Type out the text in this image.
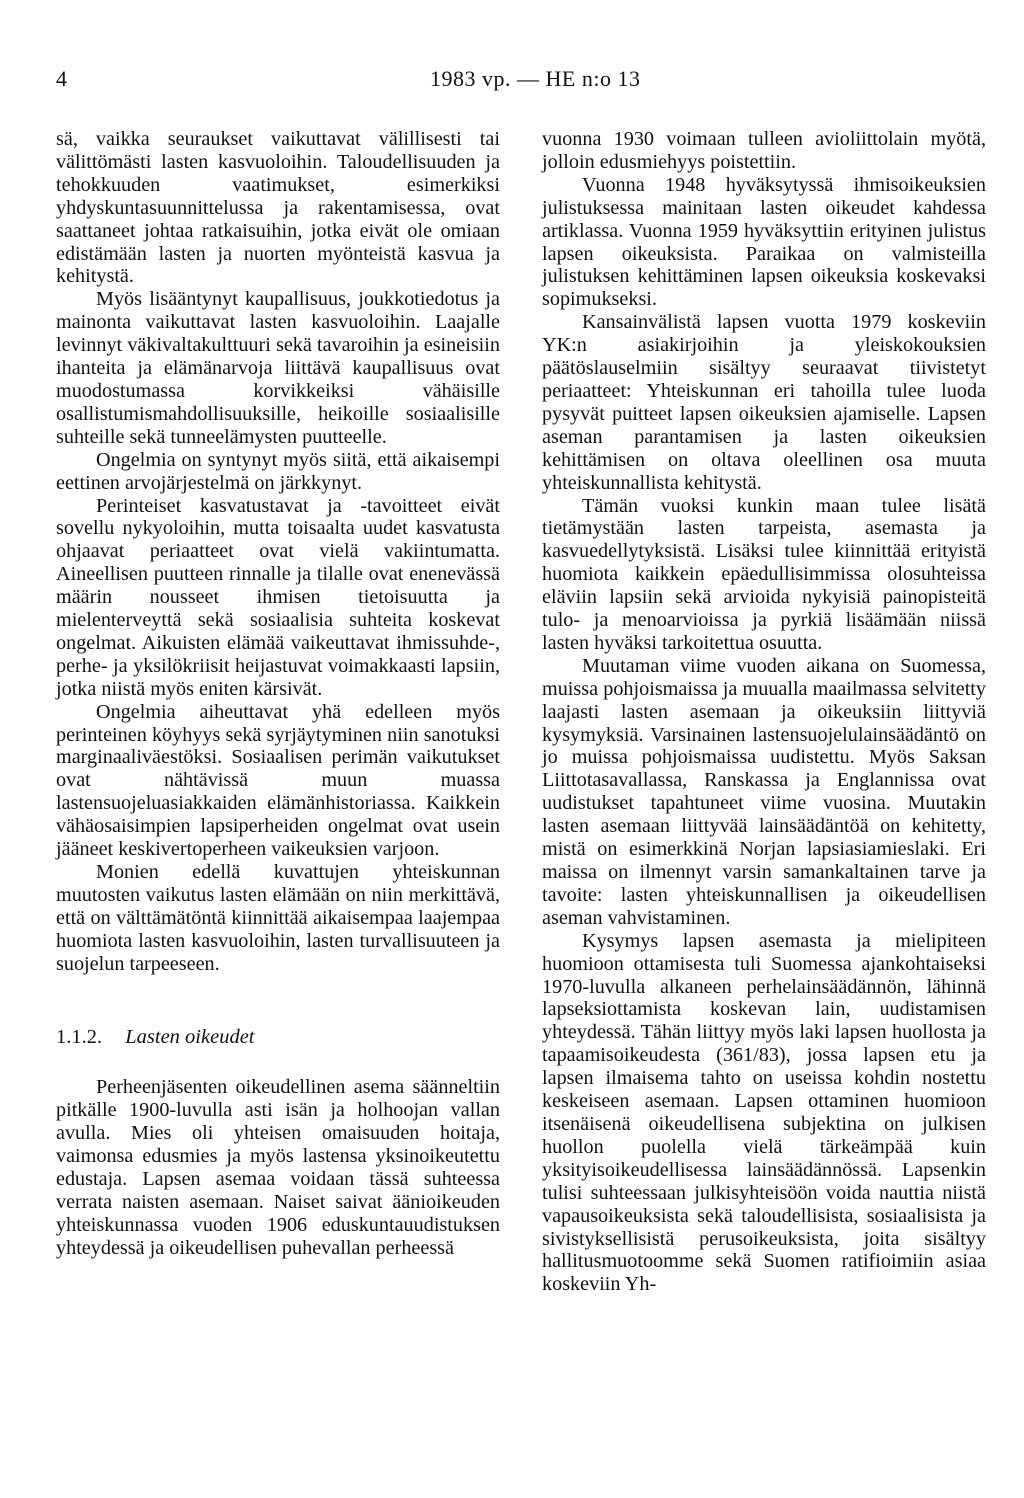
4	1983 vp. — HE n:o 13

sä, vaikka seuraukset vaikuttavat välillisesti tai välittömästi lasten kasvuoloihin. Taloudellisuuden ja tehokkuuden vaatimukset, esimerkiksi yhdyskuntasuunnittelussa ja rakentamisessa, ovat saattaneet johtaa ratkaisuihin, jotka eivät ole omiaan edistämään lasten ja nuorten myönteistä kasvua ja kehitystä.

Myös lisääntynyt kaupallisuus, joukkotiedotus ja mainonta vaikuttavat lasten kasvuoloihin. Laajalle levinnyt väkivaltakulttuuri sekä tavaroihin ja esineisiin ihanteita ja elämänarvoja liittävä kaupallisuus ovat muodostumassa korvikkeiksi vähäisille osallistumismahdollisuuksille, heikoille sosiaalisille suhteille sekä tunneelämysten puutteelle.

Ongelmia on syntynyt myös siitä, että aikaisempi eettinen arvojärjestelmä on järkkynyt.

Perinteiset kasvatustavat ja -tavoitteet eivät sovellu nykyoloihin, mutta toisaalta uudet kasvatusta ohjaavat periaatteet ovat vielä vakiintumatta. Aineellisen puutteen rinnalle ja tilalle ovat enenevässä määrin nousseet ihmisen tietoisuutta ja mielenterveyttä sekä sosiaalisia suhteita koskevat ongelmat. Aikuisten elämää vaikeuttavat ihmissuhde-, perhe- ja yksilökriisit heijastuvat voimakkaasti lapsiin, jotka niistä myös eniten kärsivät.

Ongelmia aiheuttavat yhä edelleen myös perinteinen köyhyys sekä syrjäytyminen niin sanotuksi marginaaliväestöksi. Sosiaalisen perimän vaikutukset ovat nähtävissä muun muassa lastensuojeluasiakkaiden elämänhistoriassa. Kaikkein vähäosaisimpien lapsiperheiden ongelmat ovat usein jääneet keskivertoperheen vaikeuksien varjoon.

Monien edellä kuvattujen yhteiskunnan muutosten vaikutus lasten elämään on niin merkittävä, että on välttämätöntä kiinnittää aikaisempaa laajempaa huomiota lasten kasvuoloihin, lasten turvallisuuteen ja suojelun tarpeeseen.

1.1.2. Lasten oikeudet

Perheenjäsenten oikeudellinen asema säänneltiin pitkälle 1900-luvulla asti isän ja holhoojan vallan avulla. Mies oli yhteisen omaisuuden hoitaja, vaimonsa edusmies ja myös lastensa yksinoikeutettu edustaja. Lapsen asemaa voidaan tässä suhteessa verrata naisten asemaan. Naiset saivat äänioikeuden yhteiskunnassa vuoden 1906 eduskuntauudistuksen yhteydessä ja oikeudellisen puhevallan perheessä

vuonna 1930 voimaan tulleen avioliittolain myötä, jolloin edusmiehyys poistettiin.

Vuonna 1948 hyväksytyssä ihmisoikeuksien julistuksessa mainitaan lasten oikeudet kahdessa artiklassa. Vuonna 1959 hyväksyttiin erityinen julistus lapsen oikeuksista. Paraikaa on valmisteilla julistuksen kehittäminen lapsen oikeuksia koskevaksi sopimukseksi.

Kansainvälistä lapsen vuotta 1979 koskeviin YK:n asiakirjoihin ja yleiskokouksien päätöslauselmiin sisältyy seuraavat tiivistetyt periaatteet: Yhteiskunnan eri tahoilla tulee luoda pysyvät puitteet lapsen oikeuksien ajamiselle. Lapsen aseman parantamisen ja lasten oikeuksien kehittämisen on oltava oleellinen osa muuta yhteiskunnallista kehitystä.

Tämän vuoksi kunkin maan tulee lisätä tietämystään lasten tarpeista, asemasta ja kasvuedellytyksistä. Lisäksi tulee kiinnittää erityistä huomiota kaikkein epäedullisimmissa olosuhteissa eläviin lapsiin sekä arvioida nykyisiä painopisteitä tulo- ja menoarvioissa ja pyrkiä lisäämään niissä lasten hyväksi tarkoitettua osuutta.

Muutaman viime vuoden aikana on Suomessa, muissa pohjoismaissa ja muualla maailmassa selvitetty laajasti lasten asemaan ja oikeuksiin liittyviä kysymyksiä. Varsinainen lastensuojelulainsäädäntö on jo muissa pohjoismaissa uudistettu. Myös Saksan Liittotasavallassa, Ranskassa ja Englannissa ovat uudistukset tapahtuneet viime vuosina. Muutakin lasten asemaan liittyvää lainsäädäntöä on kehitetty, mistä on esimerkkinä Norjan lapsiasiamieslaki. Eri maissa on ilmennyt varsin samankaltainen tarve ja tavoite: lasten yhteiskunnallisen ja oikeudellisen aseman vahvistaminen.

Kysymys lapsen asemasta ja mielipiteen huomioon ottamisesta tuli Suomessa ajankohtaiseksi 1970-luvulla alkaneen perhelainsäädännön, lähinnä lapseksiottamista koskevan lain, uudistamisen yhteydessä. Tähän liittyy myös laki lapsen huollosta ja tapaamisoikeudesta (361/83), jossa lapsen etu ja lapsen ilmaisema tahto on useissa kohdin nostettu keskeiseen asemaan. Lapsen ottaminen huomioon itsenäisenä oikeudellisena subjektina on julkisen huollon puolella vielä tärkeämpää kuin yksityisoikeudellisessa lainsäädännössä. Lapsenkin tulisi suhteessaan julkisyhteisöön voida nauttia niistä vapausoikeuksista sekä taloudellisista, sosiaalisista ja sivistyksellisistä perusoikeuksista, joita sisältyy hallitusmuotoomme sekä Suomen ratifioimiin asiaa koskeviin Yh-
